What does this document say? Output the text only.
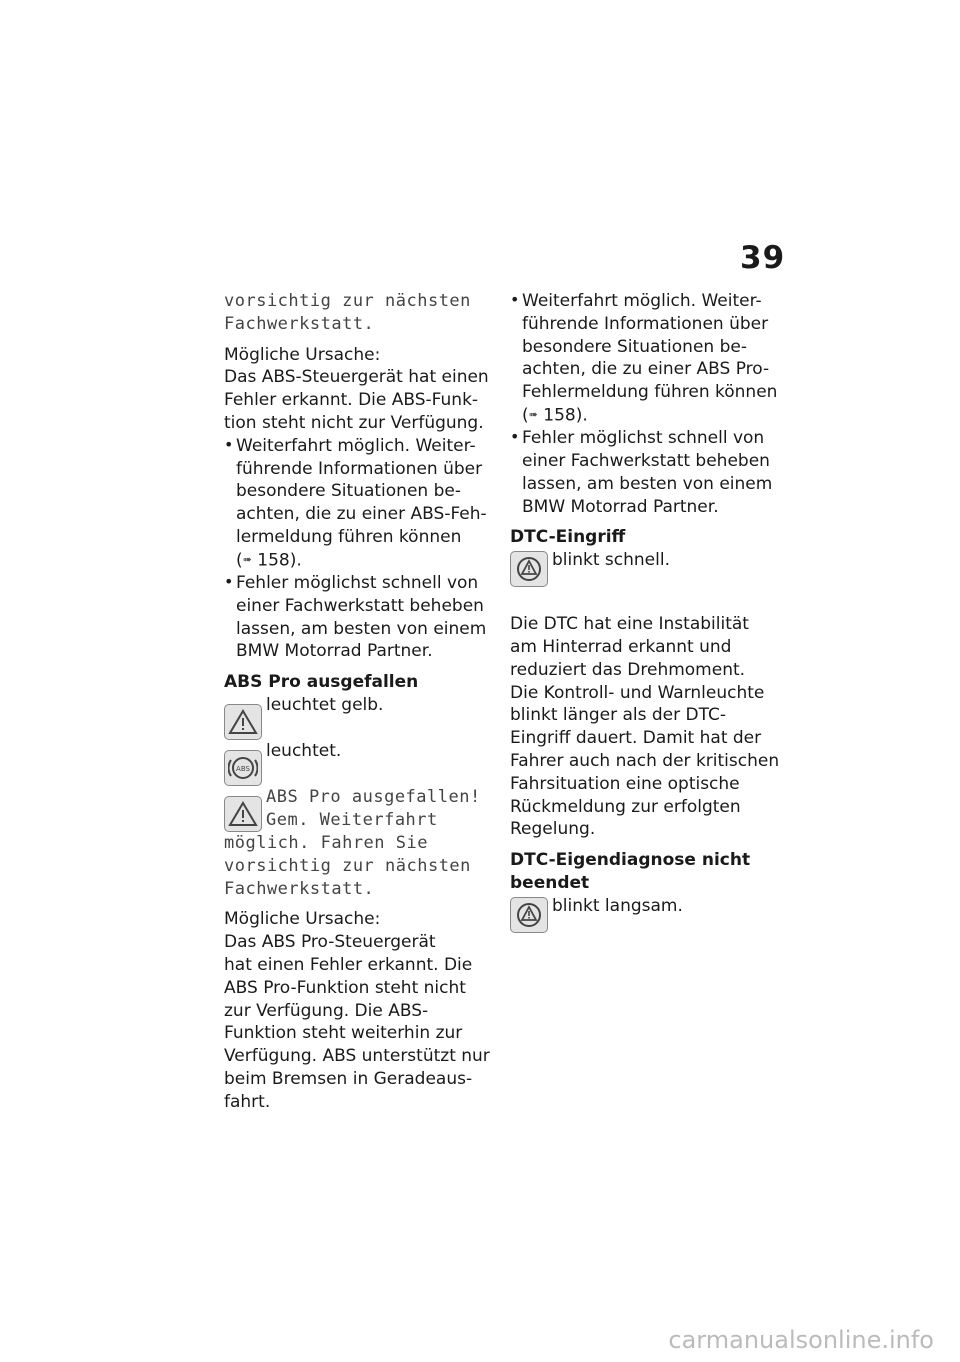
39

vorsichtig zur nächsten

Fachwerkstatt.

Mögliche Ursache:

Das ABS-Steuergerät hat einen

Fehler erkannt. Die ABS-Funk-

tion steht nicht zur Verfügung.

• Weiterfahrt möglich. Weiter-

führende Informationen über

besondere Situationen be-

achten, die zu einer ABS-Feh-

lermeldung führen können

(➠ 158).

• Fehler möglichst schnell von

einer Fachwerkstatt beheben

lassen, am besten von einem

BMW Motorrad Partner.

ABS Pro ausgefallen

leuchtet gelb.

ABS

leuchtet.

ABS Pro ausgefallen!

Gem. Weiterfahrt

möglich. Fahren Sie

vorsichtig zur nächsten

Fachwerkstatt.

Mögliche Ursache:

Das ABS Pro-Steuergerät

hat einen Fehler erkannt. Die

ABS Pro-Funktion steht nicht

zur Verfügung. Die ABS-

Funktion steht weiterhin zur

Verfügung. ABS unterstützt nur

beim Bremsen in Geradeaus-

fahrt.

• Weiterfahrt möglich. Weiter-

führende Informationen über

besondere Situationen be-

achten, die zu einer ABS Pro-

Fehlermeldung führen können

(➠ 158).

• Fehler möglichst schnell von

einer Fachwerkstatt beheben

lassen, am besten von einem

BMW Motorrad Partner.

DTC-Eingriff

blinkt schnell.

Die DTC hat eine Instabilität

am Hinterrad erkannt und

reduziert das Drehmoment.

Die Kontroll- und Warnleuchte

blinkt länger als der DTC-

Eingriff dauert. Damit hat der

Fahrer auch nach der kritischen

Fahrsituation eine optische

Rückmeldung zur erfolgten

Regelung.

DTC-Eigendiagnose nicht

beendet

blinkt langsam.

carmanualsonline.info
